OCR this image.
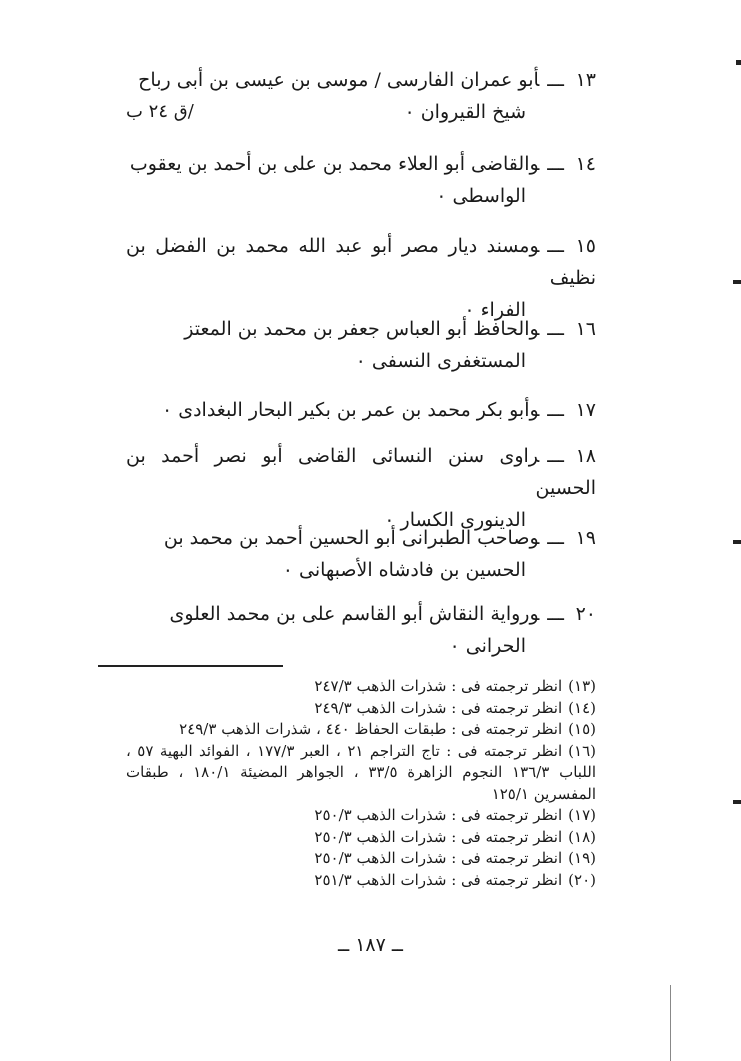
١٣ـــأبو عمران الفارسى / موسى بن عيسى بن أبى رباح
شيخ القيروان ٠
/ق ٢٤ ب
١٤ـــوالقاضى أبو العلاء محمد بن على بن أحمد بن يعقوب
الواسطى ٠
١٥ـــومسند ديار مصر أبو عبد الله محمد بن الفضل بن نظيف
الفراء ٠
١٦ـــوالحافظ أبو العباس جعفر بن محمد بن المعتز
المستغفرى النسفى ٠
١٧ـــوأبو بكر محمد بن عمر بن بكير البحار البغدادى ٠
١٨ـــراوى سنن النسائى القاضى أبو نصر أحمد بن الحسين
الدينورى الكسار ٠
١٩ـــوصاحب الطبرانى أبو الحسين أحمد بن محمد بن
الحسين بن فادشاه الأصبهانى ٠
٢٠ـــورواية النقاش أبو القاسم على بن محمد العلوى
الحرانى ٠
(١٣)انظر ترجمته فى : شذرات الذهب ٢٤٧/٣
(١٤)انظر ترجمته فى : شذرات الذهب ٢٤٩/٣
(١٥)انظر ترجمته فى : طبقات الحفاظ ٤٤٠ ، شذرات الذهب ٢٤٩/٣
(١٦)انظر ترجمته فى : تاج التراجم ٢١ ، العبر ١٧٧/٣ ، الفوائد البهية ٥٧ ، اللباب ١٣٦/٣ النجوم الزاهرة ٣٣/٥ ، الجواهر المضيئة ١٨٠/١ ، طبقات المفسرين ١٢٥/١
(١٧)انظر ترجمته فى : شذرات الذهب ٢٥٠/٣
(١٨)انظر ترجمته فى : شذرات الذهب ٢٥٠/٣
(١٩)انظر ترجمته فى : شذرات الذهب ٢٥٠/٣
(٢٠)انظر ترجمته فى : شذرات الذهب ٢٥١/٣
ــ ١٨٧ ــ
